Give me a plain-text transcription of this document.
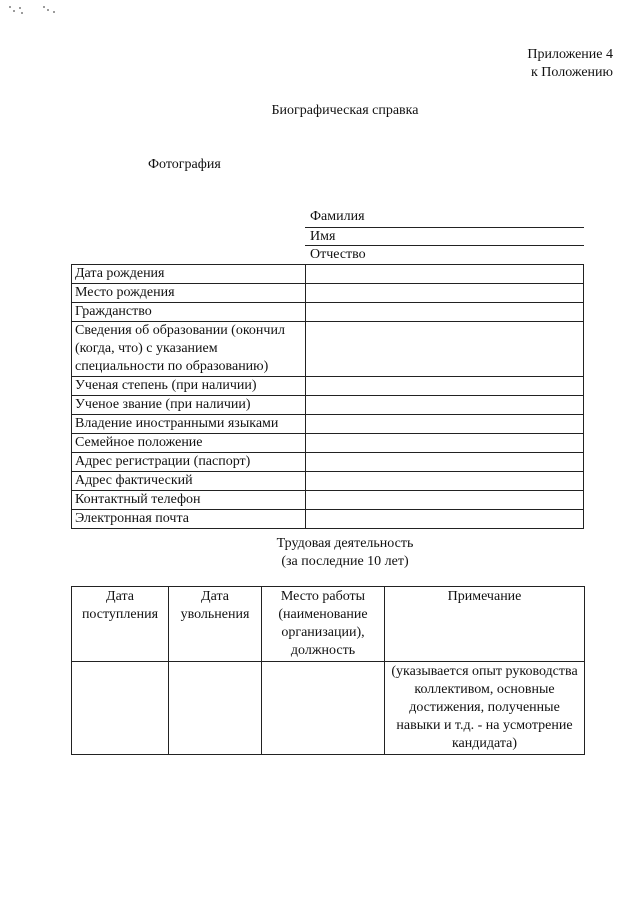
Приложение 4
к Положению
Биографическая справка
Фотография
Фамилия
Имя
Отчество
Дата рождения	
Место рождения	
Гражданство	
Сведения об образовании (окончил (когда, что) с указанием специальности по образованию)	
Ученая степень (при наличии)	
Ученое звание (при наличии)	
Владение иностранными языками	
Семейное положение	
Адрес регистрации (паспорт)	
Адрес фактический	
Контактный телефон	
Электронная почта	
Трудовая деятельность
(за последние 10 лет)
Дата поступления	Дата увольнения	Место работы (наименование организации), должность	Примечание
			(указывается опыт руководства коллективом, основные достижения, полученные навыки и т.д. - на усмотрение кандидата)
